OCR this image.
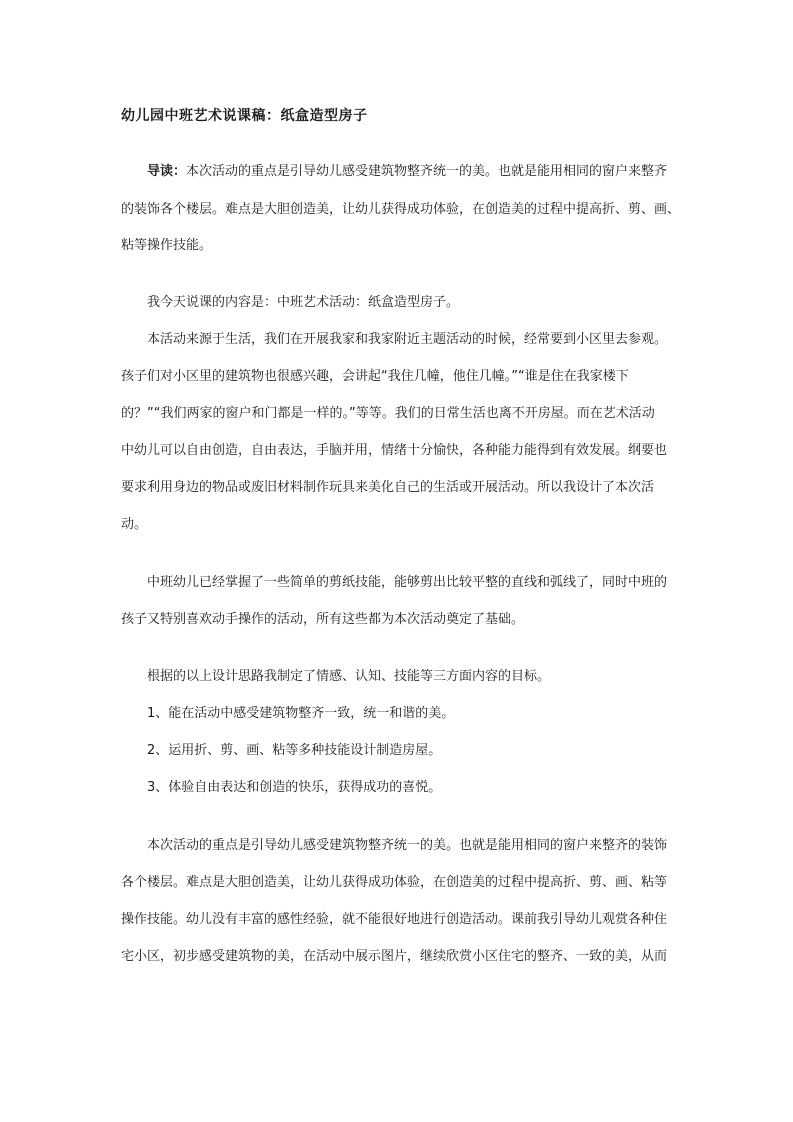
幼儿园中班艺术说课稿：纸盒造型房子
导读：本次活动的重点是引导幼儿感受建筑物整齐统一的美。也就是能用相同的窗户来整齐
的装饰各个楼层。难点是大胆创造美，让幼儿获得成功体验，在创造美的过程中提高折、剪、画、
粘等操作技能。
我今天说课的内容是：中班艺术活动：纸盒造型房子。
本活动来源于生活，我们在开展我家和我家附近主题活动的时候，经常要到小区里去参观。
孩子们对小区里的建筑物也很感兴趣，会讲起“我住几幢，他住几幢。”“谁是住在我家楼下
的？”“我们两家的窗户和门都是一样的。”等等。我们的日常生活也离不开房屋。而在艺术活动
中幼儿可以自由创造，自由表达，手脑并用，情绪十分愉快，各种能力能得到有效发展。纲要也
要求利用身边的物品或废旧材料制作玩具来美化自己的生活或开展活动。所以我设计了本次活
动。
中班幼儿已经掌握了一些简单的剪纸技能，能够剪出比较平整的直线和弧线了，同时中班的
孩子又特别喜欢动手操作的活动，所有这些都为本次活动奠定了基础。
根据的以上设计思路我制定了情感、认知、技能等三方面内容的目标。
1、能在活动中感受建筑物整齐一致，统一和谐的美。
2、运用折、剪、画、粘等多种技能设计制造房屋。
3、体验自由表达和创造的快乐，获得成功的喜悦。
本次活动的重点是引导幼儿感受建筑物整齐统一的美。也就是能用相同的窗户来整齐的装饰
各个楼层。难点是大胆创造美，让幼儿获得成功体验，在创造美的过程中提高折、剪、画、粘等
操作技能。幼儿没有丰富的感性经验，就不能很好地进行创造活动。课前我引导幼儿观赏各种住
宅小区，初步感受建筑物的美，在活动中展示图片，继续欣赏小区住宅的整齐、一致的美，从而
